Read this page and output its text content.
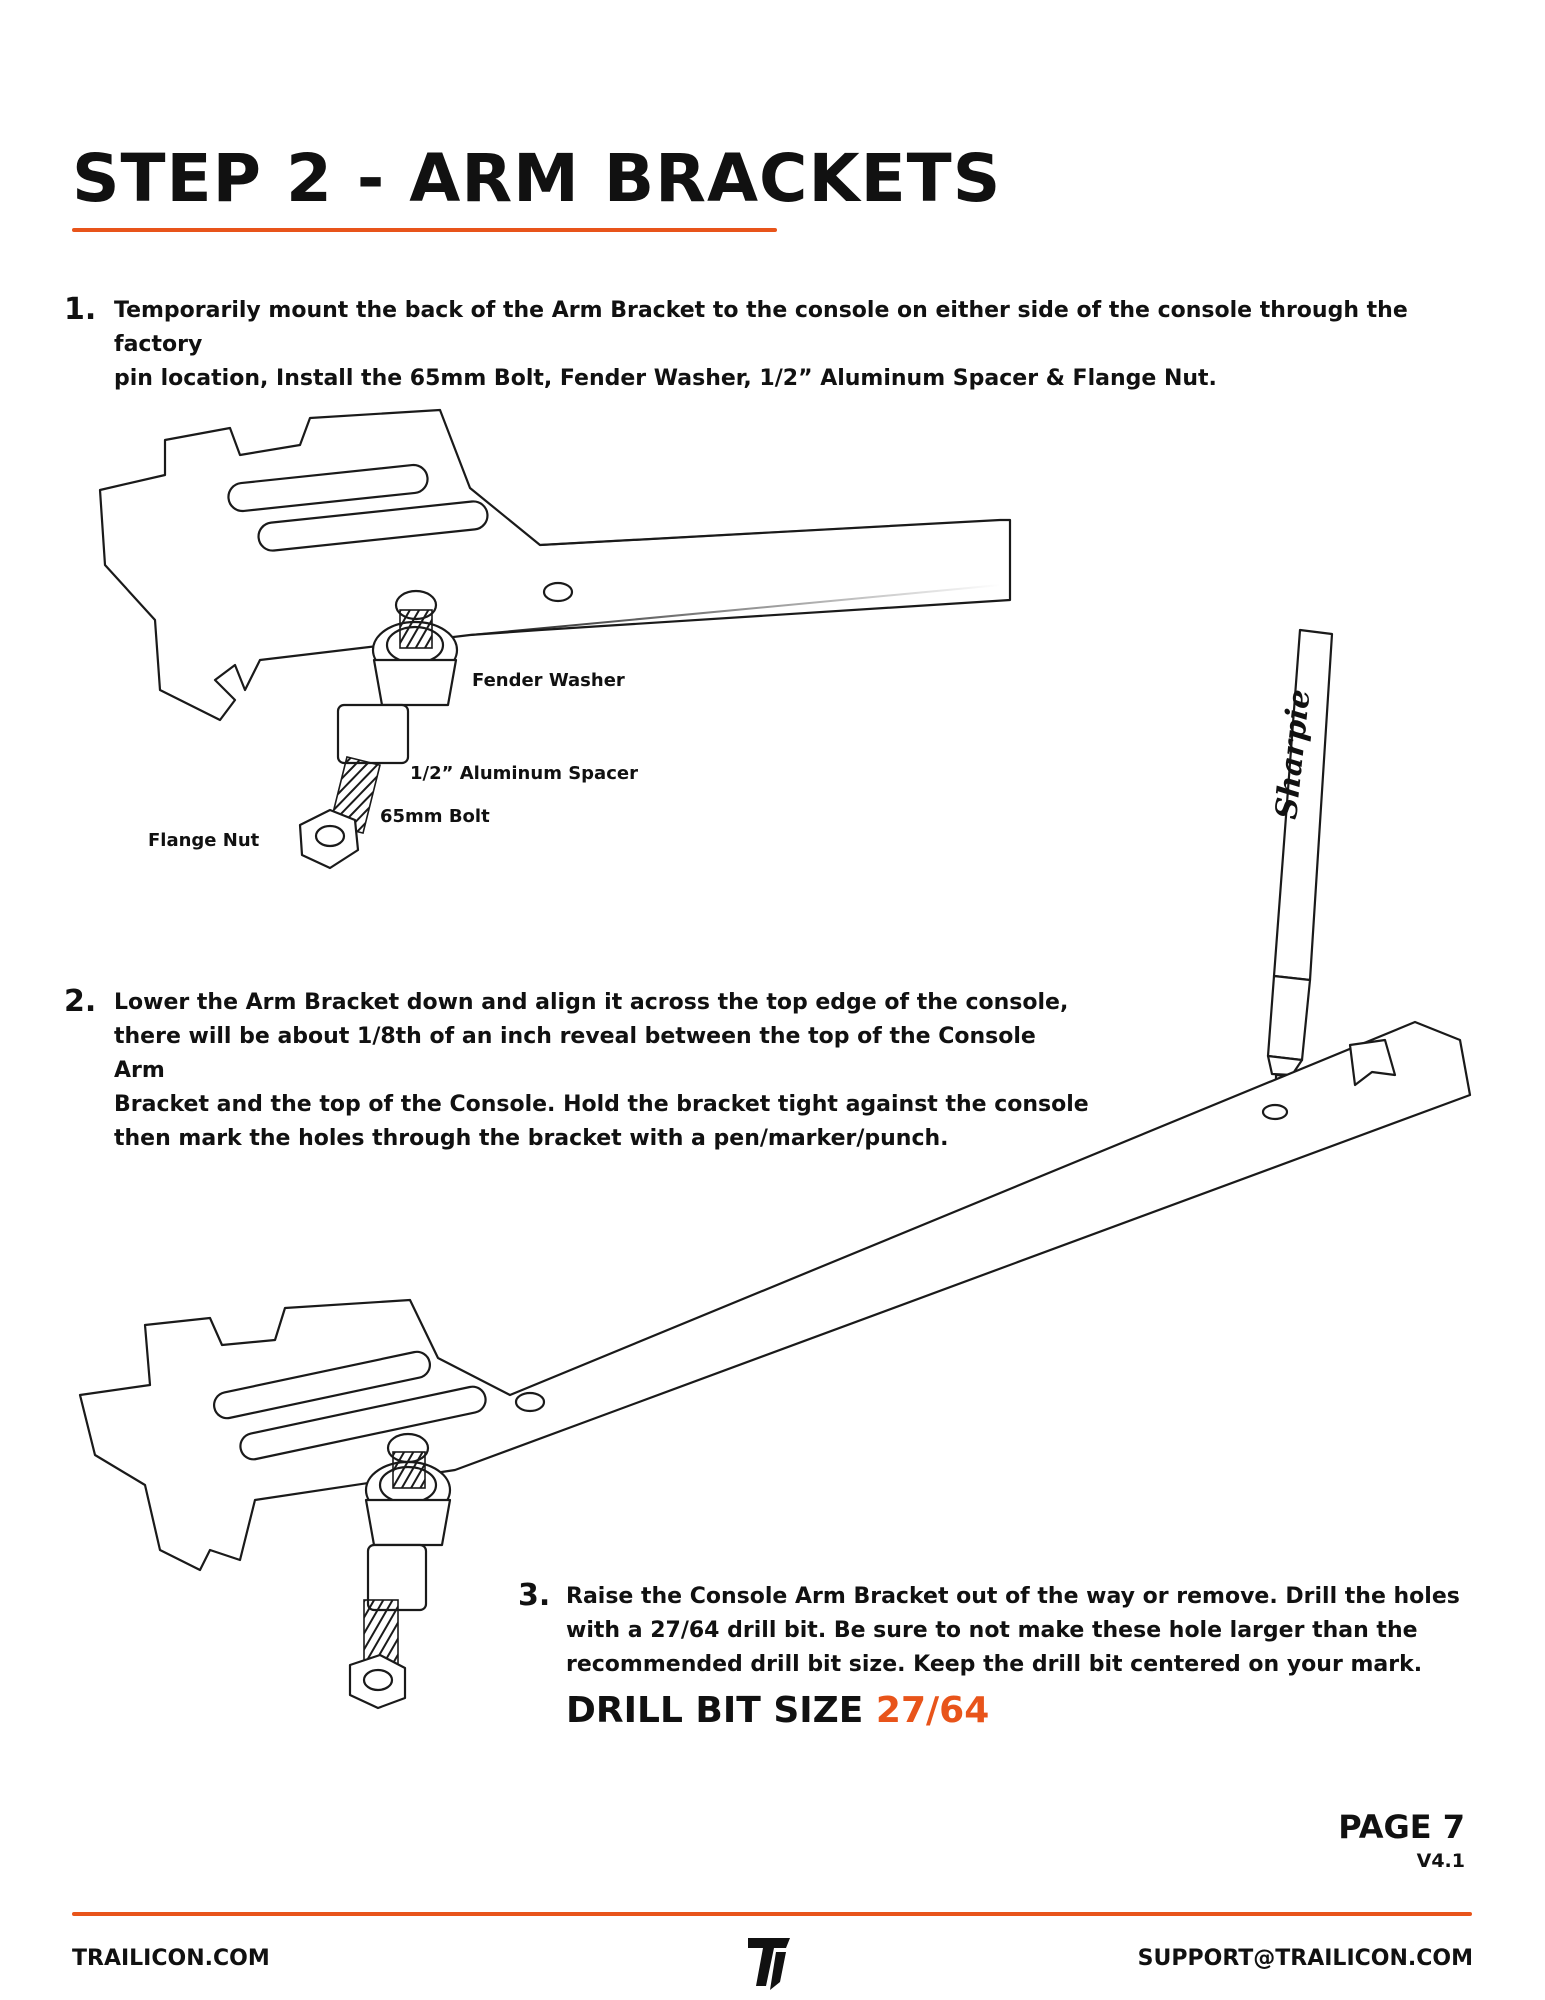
STEP 2 - ARM BRACKETS
1. Temporarily mount the back of the Arm Bracket to the console on either side of the console through the factory
pin location, Install the 65mm Bolt, Fender Washer, 1/2” Aluminum Spacer & Flange Nut.
2. Lower the Arm Bracket down and align it across the top edge of the console,
there will be about 1/8th of an inch reveal between the top of the Console Arm
Bracket and the top of the Console. Hold the bracket tight against the console
then mark the holes through the bracket with a pen/marker/punch.
3. Raise the Console Arm Bracket out of the way or remove. Drill the holes
with a 27/64 drill bit. Be sure to not make these hole larger than the
recommended drill bit size. Keep the drill bit centered on your mark.
DRILL BIT SIZE 27/64
Sharpie
Fender Washer
1/2” Aluminum Spacer
65mm Bolt
Flange Nut
PAGE 7
V4.1
TRAILICON.COM	SUPPORT@TRAILICON.COM
